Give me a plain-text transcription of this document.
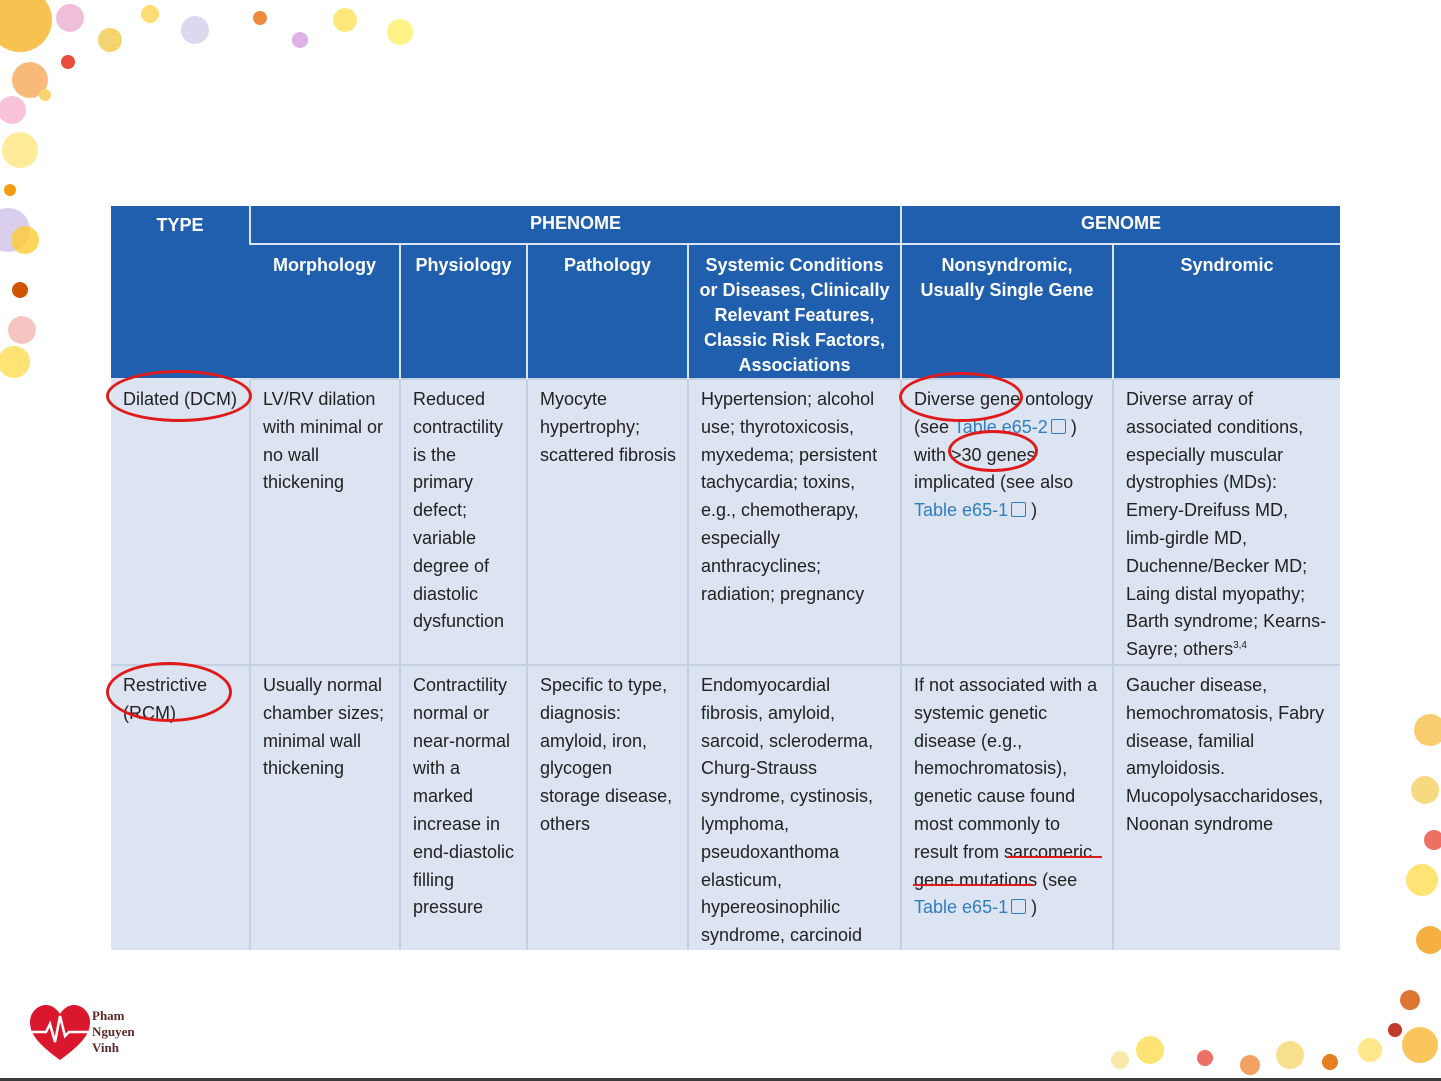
TYPE	PHENOME				GENOME	
	Morphology	Physiology	Pathology	Systemic Conditions or Diseases, Clinically Relevant Features, Classic Risk Factors, Associations	Nonsyndromic, Usually Single Gene	Syndromic
Dilated (DCM)	LV/RV dilation with minimal or no wall thickening	Reduced contractility is the primary defect; variable degree of diastolic dysfunction	Myocyte hypertrophy; scattered fibrosis	Hypertension; alcohol use; thyrotoxicosis, myxedema; persistent tachycardia; toxins, e.g., chemotherapy, especially anthracyclines; radiation; pregnancy	Diverse gene ontology (see Table e65-2 ) with >30 genes implicated (see also Table e65-1 )	Diverse array of associated conditions, especially muscular dystrophies (MDs): Emery-Dreifuss MD, limb-girdle MD, Duchenne/Becker MD; Laing distal myopathy; Barth syndrome; Kearns-Sayre; others$^{3,4}$
Restrictive (RCM)	Usually normal chamber sizes; minimal wall thickening	Contractility normal or near-normal with a marked increase in end-diastolic filling pressure	Specific to type, diagnosis: amyloid, iron, glycogen storage disease, others	Endomyocardial fibrosis, amyloid, sarcoid, scleroderma, Churg-Strauss syndrome, cystinosis, lymphoma, pseudoxanthoma elasticum, hypereosinophilic syndrome, carcinoid	If not associated with a systemic genetic disease (e.g., hemochromatosis), genetic cause found most commonly to result from sarcomeric gene mutations (see Table e65-1 )	Gaucher disease, hemochromatosis, Fabry disease, familial amyloidosis. Mucopolysaccharidoses, Noonan syndrome
Pham
Nguyen
Vinh
